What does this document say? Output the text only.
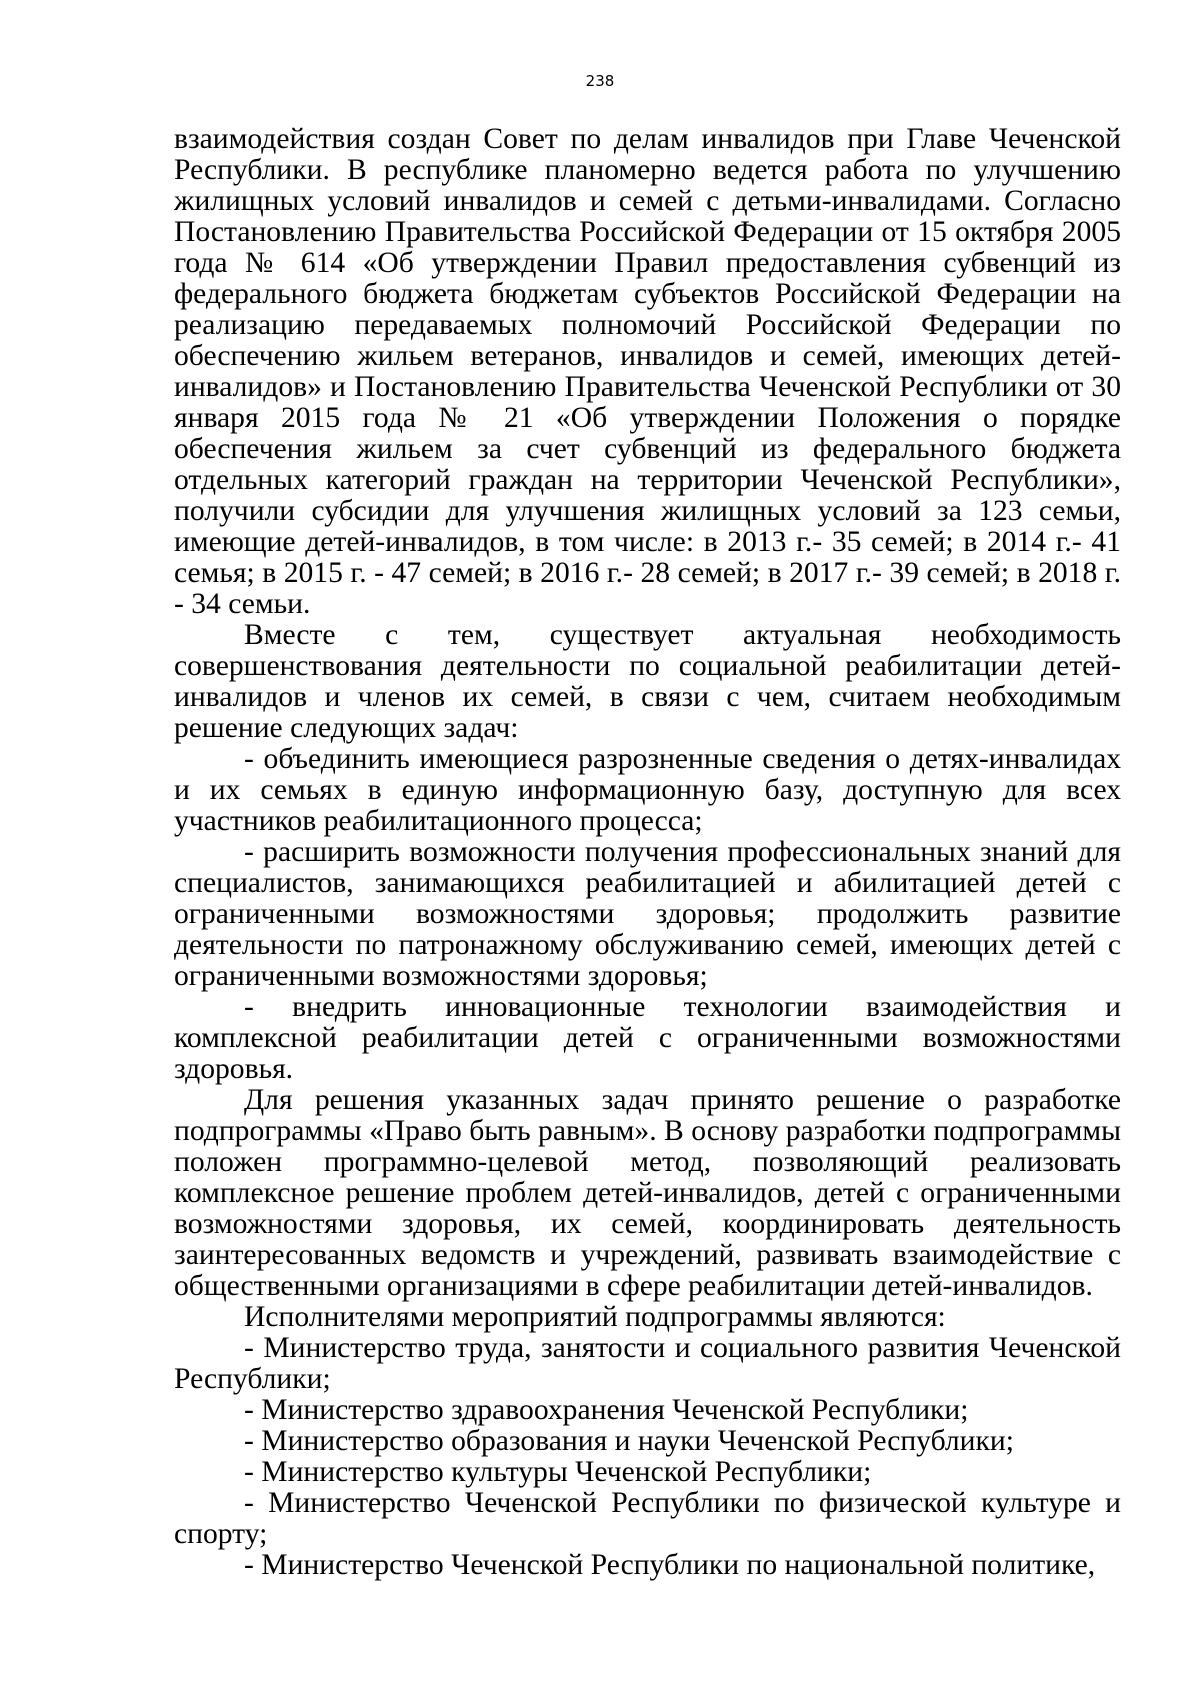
238

взаимодействия создан Совет по делам инвалидов при Главе Чеченской Республики. В республике планомерно ведется работа по улучшению жилищных условий инвалидов и семей с детьми-инвалидами. Согласно Постановлению Правительства Российской Федерации от 15 октября 2005 года № 614 «Об утверждении Правил предоставления субвенций из федерального бюджета бюджетам субъектов Российской Федерации на реализацию передаваемых полномочий Российской Федерации по обеспечению жильем ветеранов, инвалидов и семей, имеющих детей-инвалидов» и Постановлению Правительства Чеченской Республики от 30 января 2015 года № 21 «Об утверждении Положения о порядке обеспечения жильем за счет субвенций из федерального бюджета отдельных категорий граждан на территории Чеченской Республики», получили субсидии для улучшения жилищных условий за 123 семьи, имеющие детей-инвалидов, в том числе: в 2013 г.- 35 семей; в 2014 г.- 41 семья; в 2015 г. - 47 семей; в 2016 г.- 28 семей; в 2017 г.- 39 семей; в 2018 г. - 34 семьи.

Вместе с тем, существует актуальная необходимость совершенствования деятельности по социальной реабилитации детей-инвалидов и членов их семей, в связи с чем, считаем необходимым решение следующих задач:

- объединить имеющиеся разрозненные сведения о детях-инвалидах и их семьях в единую информационную базу, доступную для всех участников реабилитационного процесса;

- расширить возможности получения профессиональных знаний для специалистов, занимающихся реабилитацией и абилитацией детей с ограниченными возможностями здоровья; продолжить развитие деятельности по патронажному обслуживанию семей, имеющих детей с ограниченными возможностями здоровья;

- внедрить инновационные технологии взаимодействия и комплексной реабилитации детей с ограниченными возможностями здоровья.

Для решения указанных задач принято решение о разработке подпрограммы «Право быть равным». В основу разработки подпрограммы положен программно-целевой метод, позволяющий реализовать комплексное решение проблем детей-инвалидов, детей с ограниченными возможностями здоровья, их семей, координировать деятельность заинтересованных ведомств и учреждений, развивать взаимодействие с общественными организациями в сфере реабилитации детей-инвалидов.

Исполнителями мероприятий подпрограммы являются:

- Министерство труда, занятости и социального развития Чеченской Республики;

- Министерство здравоохранения Чеченской Республики;

- Министерство образования и науки Чеченской Республики;

- Министерство культуры Чеченской Республики;

- Министерство Чеченской Республики по физической культуре и спорту;

- Министерство Чеченской Республики по национальной политике,
